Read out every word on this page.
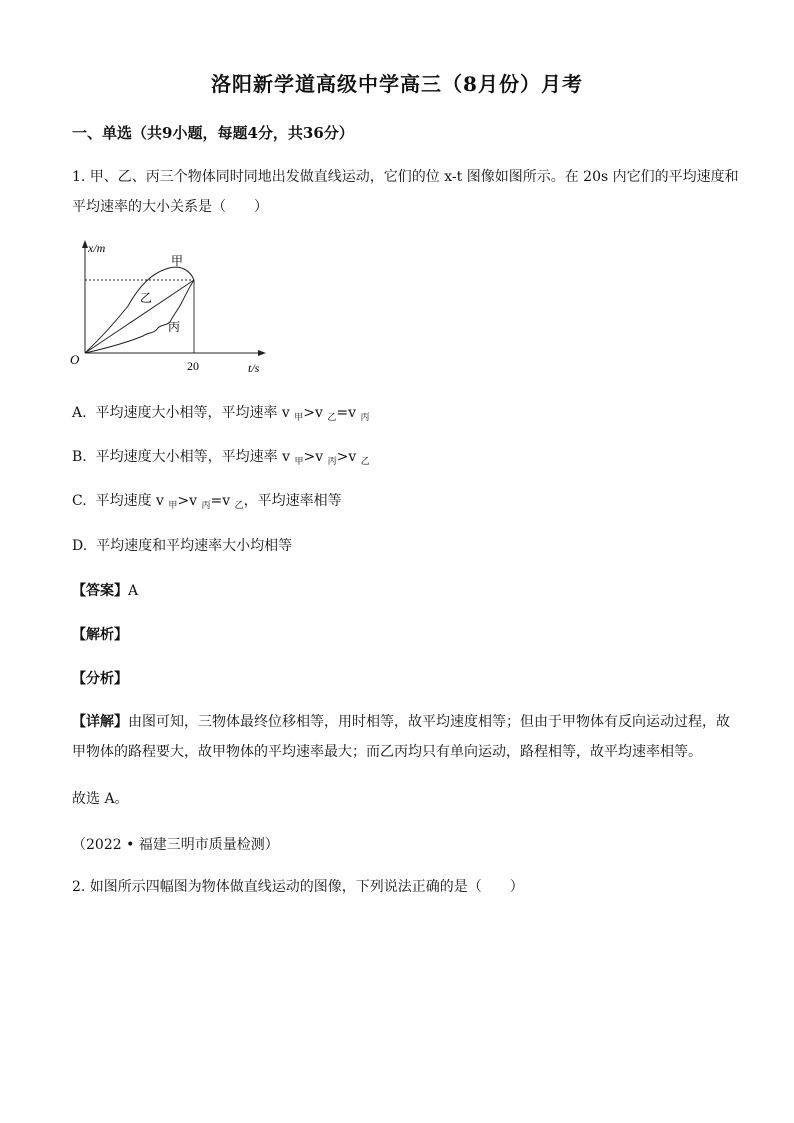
洛阳新学道高级中学高三（8月份）月考
一、单选（共9小题，每题4分，共36分）
1. 甲、乙、丙三个物体同时同地出发做直线运动，它们的位 x-t 图像如图所示。在 20s 内它们的平均速度和
平均速率的大小关系是（　　）
x/m
O	20	t/s
甲
乙
丙
A. 平均速度大小相等，平均速率 v $_甲$>v $_乙$=v $_丙$
B. 平均速度大小相等，平均速率 v $_甲$>v $_丙$>v $_乙$
C. 平均速度 v $_甲$>v $_丙$=v $_乙$，平均速率相等
D. 平均速度和平均速率大小均相等
【答案】A
【解析】
【分析】
【详解】由图可知，三物体最终位移相等，用时相等，故平均速度相等；但由于甲物体有反向运动过程，故甲物体的路程要大，故甲物体的平均速率最大；而乙丙均只有单向运动，路程相等，故平均速率相等。
故选 A。
（2022 • 福建三明市质量检测）
2. 如图所示四幅图为物体做直线运动的图像，下列说法正确的是（　　）
